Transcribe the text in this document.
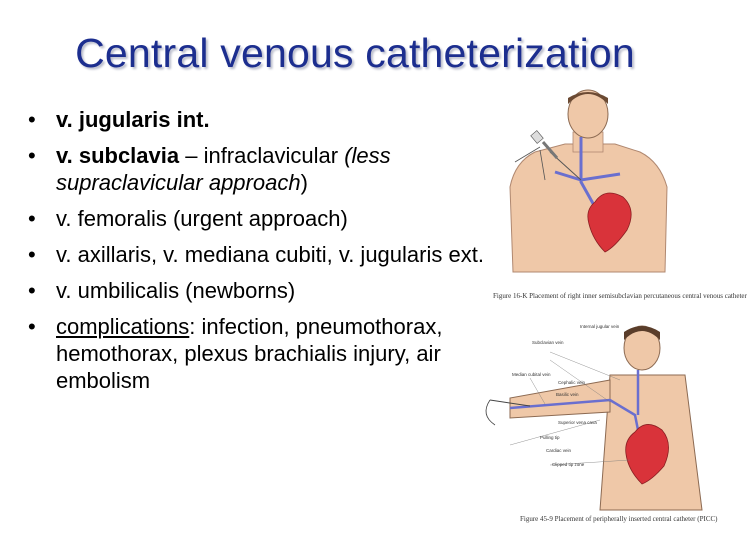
Central venous catheterization
• v. jugularis int.
• v. subclavia – infraclavicular (less supraclavicular approach)
• v. femoralis (urgent approach)
• v. axillaris, v. mediana cubiti, v. jugularis ext.
• v. umbilicalis (newborns)
• complications: infection, pneumothorax, hemothorax, plexus brachialis injury, air embolism
Figure 16-K Placement of right inner semisubclavian percutaneous central venous catheter
Internal jugular vein
Subclavian vein
Median cubital vein
Cephalic vein
Basilic vein
Superior vena cava
Pulling tip
Cardiac vein
Clipped tip zone
Figure 45-9 Placement of peripherally inserted central catheter (PICC)
